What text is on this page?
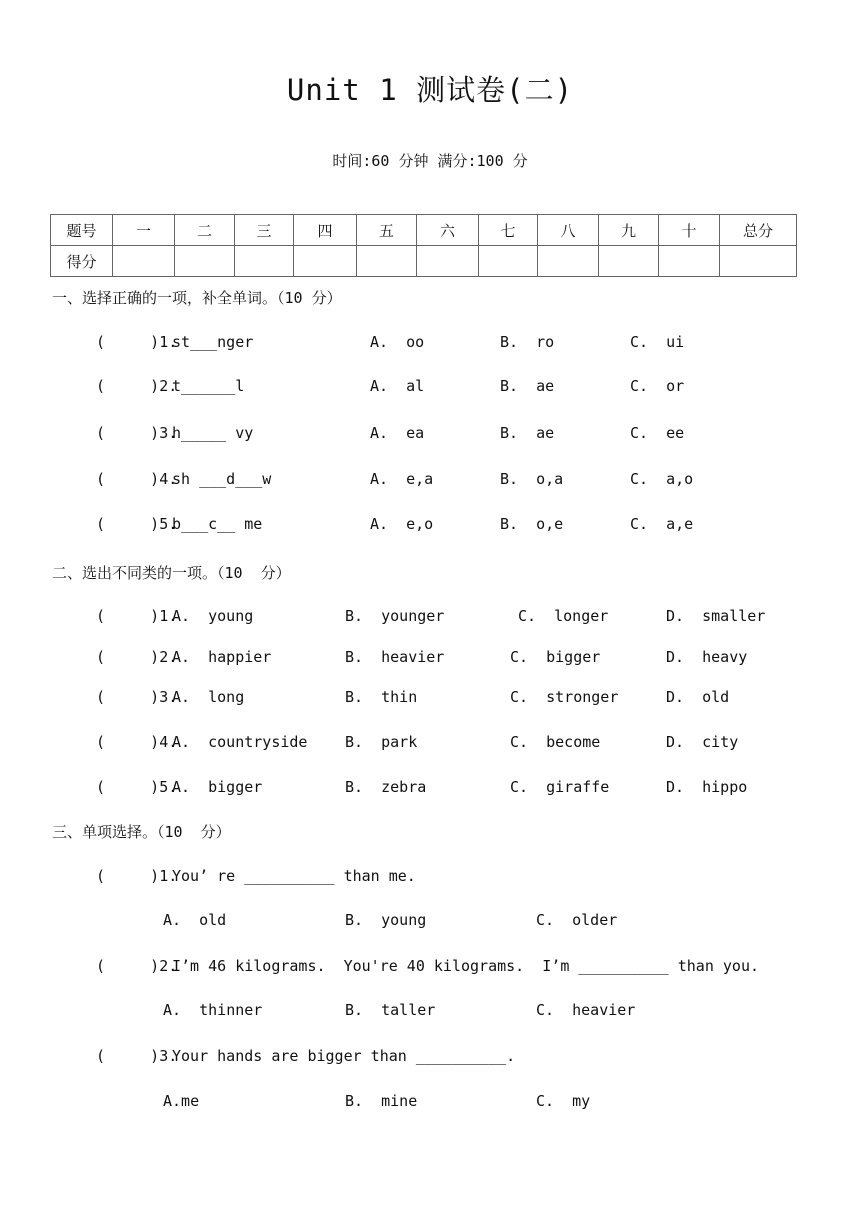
Unit 1 测试卷(二)
时间:60 分钟 满分:100 分
题号	一	二	三	四	五	六	七	八	九	十	总分
得分											
一、选择正确的一项，补全单词。（10 分）
(     )1.
st___nger	A.  oo	B.  ro	C.  ui
(     )2.
t______l	A.  al	B.  ae	C.  or
(     )3.
h_____ vy	A.  ea	B.  ae	C.  ee
(     )4.
sh ___d___w	A.  e,a	B.  o,a	C.  a,o
(     )5.
b___c__ me	A.  e,o	B.  o,e	C.  a,e
二、选出不同类的一项。（10  分）
(     )1.
A.  young	B.  younger	C.  longer	D.  smaller
(     )2.
A.  happier	B.  heavier	C.  bigger	D.  heavy
(     )3.
A.  long	B.  thin	C.  stronger	D.  old
(     )4.
A.  countryside	B.  park	C.  become	D.  city
(     )5.
A.  bigger	B.  zebra	C.  giraffe	D.  hippo
三、单项选择。（10  分）
(     )1.
You’ re __________ than me.
A.  old	B.  young	C.  older
(     )2.
I’m 46 kilograms.  You're 40 kilograms.  I’m __________ than you.
A.  thinner	B.  taller	C.  heavier
(     )3.
Your hands are bigger than __________.
A.me	B.  mine	C.  my
